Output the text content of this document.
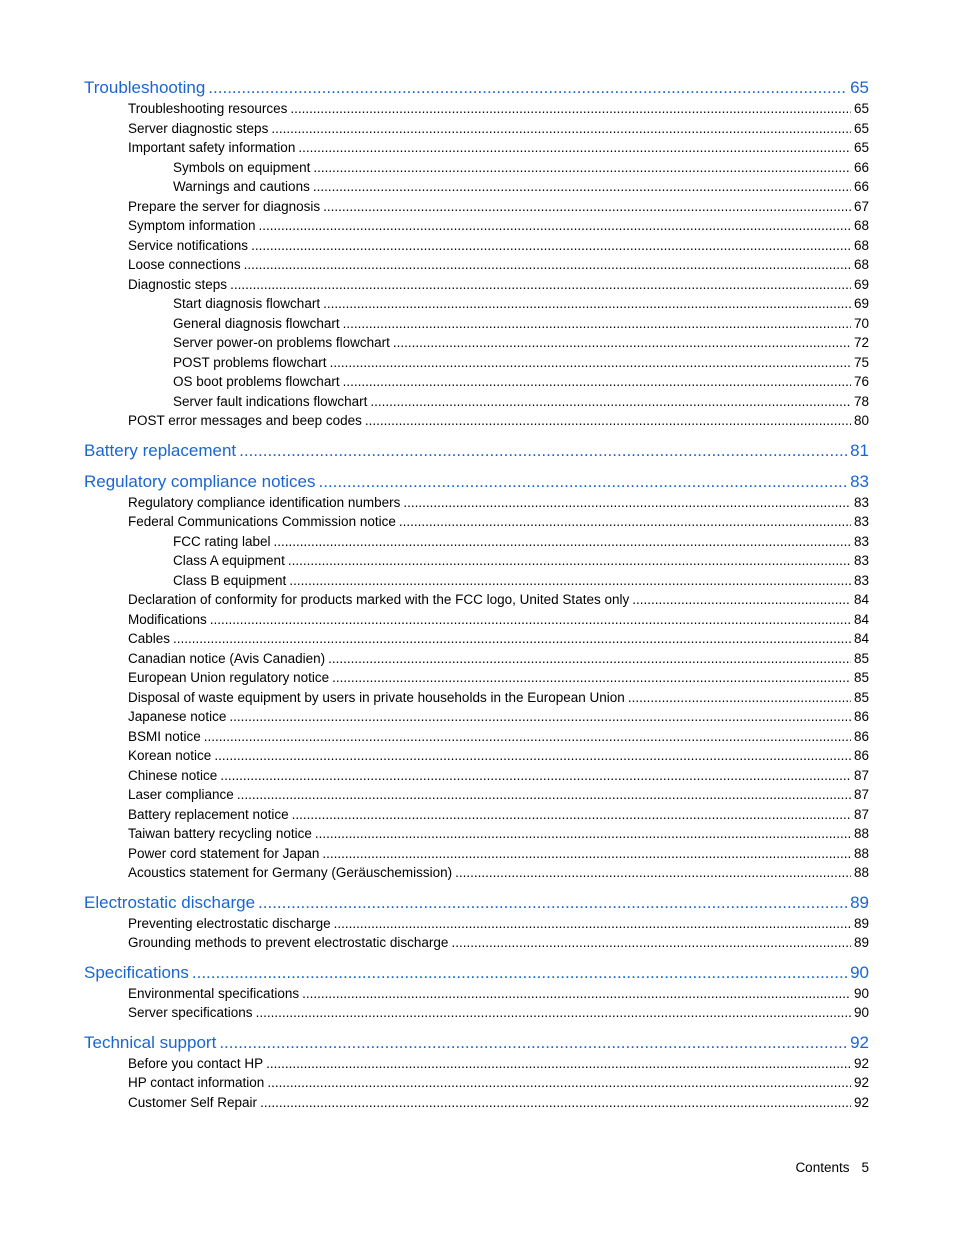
Troubleshooting .....	65
Troubleshooting resources .....	65
Server diagnostic steps .....	65
Important safety information .....	65
Symbols on equipment .....	66
Warnings and cautions .....	66
Prepare the server for diagnosis .....	67
Symptom information .....	68
Service notifications .....	68
Loose connections .....	68
Diagnostic steps .....	69
Start diagnosis flowchart .....	69
General diagnosis flowchart .....	70
Server power-on problems flowchart .....	72
POST problems flowchart .....	75
OS boot problems flowchart .....	76
Server fault indications flowchart .....	78
POST error messages and beep codes .....	80
Battery replacement .....	81
Regulatory compliance notices .....	83
Regulatory compliance identification numbers .....	83
Federal Communications Commission notice .....	83
FCC rating label .....	83
Class A equipment .....	83
Class B equipment .....	83
Declaration of conformity for products marked with the FCC logo, United States only .....	84
Modifications .....	84
Cables .....	84
Canadian notice (Avis Canadien) .....	85
European Union regulatory notice .....	85
Disposal of waste equipment by users in private households in the European Union .....	85
Japanese notice .....	86
BSMI notice .....	86
Korean notice .....	86
Chinese notice .....	87
Laser compliance .....	87
Battery replacement notice .....	87
Taiwan battery recycling notice .....	88
Power cord statement for Japan .....	88
Acoustics statement for Germany (Geräuschemission) .....	88
Electrostatic discharge .....	89
Preventing electrostatic discharge .....	89
Grounding methods to prevent electrostatic discharge .....	89
Specifications .....	90
Environmental specifications .....	90
Server specifications .....	90
Technical support .....	92
Before you contact HP .....	92
HP contact information .....	92
Customer Self Repair .....	92
Contents 5
